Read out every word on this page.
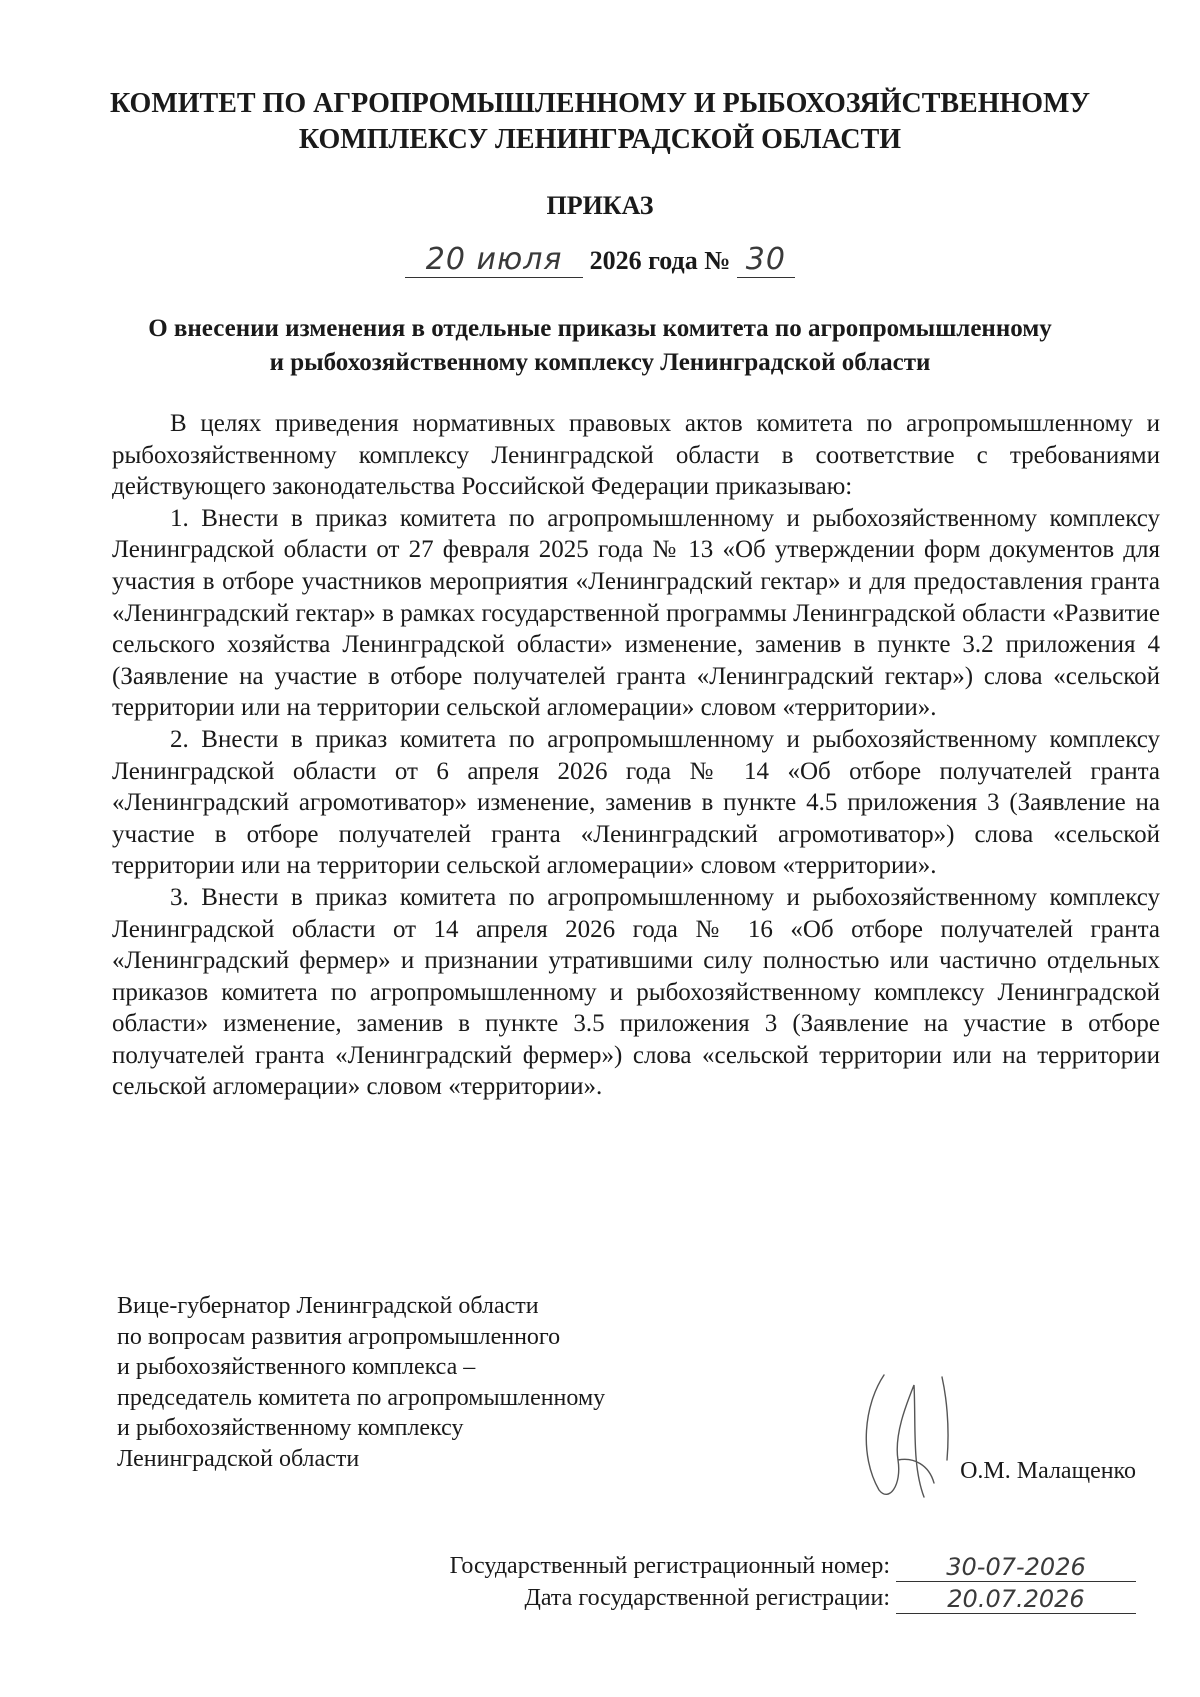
КОМИТЕТ ПО АГРОПРОМЫШЛЕННОМУ И РЫБОХОЗЯЙСТВЕННОМУ
КОМПЛЕКСУ ЛЕНИНГРАДСКОЙ ОБЛАСТИ
ПРИКАЗ
20 июля 2026 года № 30
О внесении изменения в отдельные приказы комитета по агропромышленному
и рыбохозяйственному комплексу Ленинградской области

В целях приведения нормативных правовых актов комитета по агропромышленному и рыбохозяйственному комплексу Ленинградской области в соответствие с требованиями действующего законодательства Российской Федерации приказываю:

1. Внести в приказ комитета по агропромышленному и рыбохозяйственному комплексу Ленинградской области от 27 февраля 2025 года № 13 «Об утверждении форм документов для участия в отборе участников мероприятия «Ленинградский гектар» и для предоставления гранта «Ленинградский гектар» в рамках государственной программы Ленинградской области «Развитие сельского хозяйства Ленинградской области» изменение, заменив в пункте 3.2 приложения 4 (Заявление на участие в отборе получателей гранта «Ленинградский гектар») слова «сельской территории или на территории сельской агломерации» словом «территории».

2. Внести в приказ комитета по агропромышленному и рыбохозяйственному комплексу Ленинградской области от 6 апреля 2026 года № 14 «Об отборе получателей гранта «Ленинградский агромотиватор» изменение, заменив в пункте 4.5 приложения 3 (Заявление на участие в отборе получателей гранта «Ленинградский агромотиватор») слова «сельской территории или на территории сельской агломерации» словом «территории».

3. Внести в приказ комитета по агропромышленному и рыбохозяйственному комплексу Ленинградской области от 14 апреля 2026 года № 16 «Об отборе получателей гранта «Ленинградский фермер» и признании утратившими силу полностью или частично отдельных приказов комитета по агропромышленному и рыбохозяйственному комплексу Ленинградской области» изменение, заменив в пункте 3.5 приложения 3 (Заявление на участие в отборе получателей гранта «Ленинградский фермер») слова «сельской территории или на территории сельской агломерации» словом «территории».

Вице-губернатор Ленинградской области
по вопросам развития агропромышленного
и рыбохозяйственного комплекса –
председатель комитета по агропромышленному
и рыбохозяйственному комплексу
Ленинградской области	О.М. Малащенко
Государственный регистрационный номер:	30-07-2026
Дата государственной регистрации:	20.07.2026
